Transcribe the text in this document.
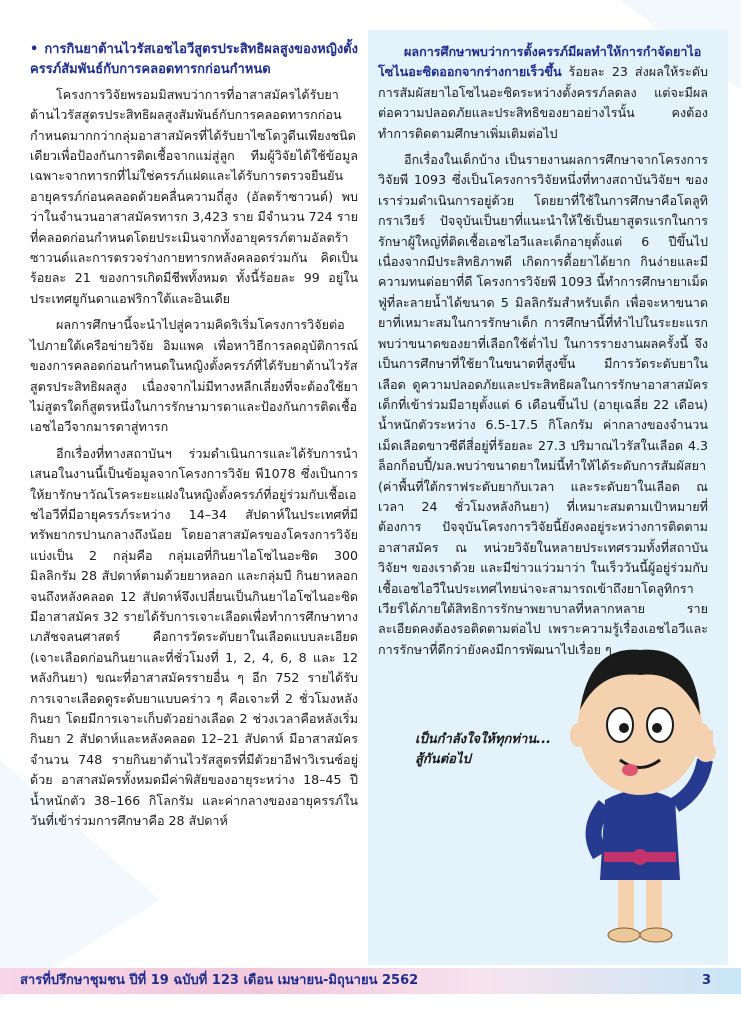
• การกินยาต้านไวรัสเอชไอวีสูตรประสิทธิผลสูงของหญิงตั้งครรภ์สัมพันธ์กับการคลอดทารกก่อนกำหนด

โครงการวิจัยพรอมมิสพบว่าการที่อาสาสมัครได้รับยาต้านไวรัสสูตรประสิทธิผลสูงสัมพันธ์กับการคลอดทารกก่อนกำหนดมากกว่ากลุ่มอาสาสมัครที่ได้รับยาไซโดวูดีนเพียงชนิดเดียวเพื่อป้องกันการติดเชื้อจากแม่สู่ลูก ทีมผู้วิจัยได้ใช้ข้อมูลเฉพาะจากทารกที่ไม่ใช่ครรภ์แฝดและได้รับการตรวจยืนยันอายุครรภ์ก่อนคลอดด้วยคลื่นความถี่สูง (อัลตร้าซาวนด์) พบว่าในจำนวนอาสาสมัครทารก 3,423 ราย มีจำนวน 724 รายที่คลอดก่อนกำหนดโดยประเมินจากทั้งอายุครรภ์ตามอัลตร้าซาวนด์และการตรวจร่างกายทารกหลังคลอดร่วมกัน คิดเป็นร้อยละ 21 ของการเกิดมีชีพทั้งหมด ทั้งนี้ร้อยละ 99 อยู่ในประเทศยูกันดาแอฟริกาใต้และอินเดีย

ผลการศึกษานี้จะนำไปสู่ความคิดริเริ่มโครงการวิจัยต่อไปภายใต้เครือข่ายวิจัย อิมแพค เพื่อหาวิธีการลดอุบัติการณ์ของการคลอดก่อนกำหนดในหญิงตั้งครรภ์ที่ได้รับยาต้านไวรัสสูตรประสิทธิผลสูง เนื่องจากไม่มีทางหลีกเลี่ยงที่จะต้องใช้ยาไม่สูตรใดก็สูตรหนึ่งในการรักษามารดาและป้องกันการติดเชื้อเอชไอวีจากมารดาสู่ทารก

อีกเรื่องที่ทางสถาบันฯ ร่วมดำเนินการและได้รับการนำเสนอในงานนี้เป็นข้อมูลจากโครงการวิจัย พี1078 ซึ่งเป็นการให้ยารักษาวัณโรคระยะแฝงในหญิงตั้งครรภ์ที่อยู่ร่วมกับเชื้อเอชไอวีที่มีอายุครรภ์ระหว่าง 14–34 สัปดาห์ในประเทศที่มีทรัพยากรปานกลางถึงน้อย โดยอาสาสมัครของโครงการวิจัยแบ่งเป็น 2 กลุ่มคือ กลุ่มเอที่กินยาไอโซไนอะซิด 300 มิลลิกรัม 28 สัปดาห์ตามด้วยยาหลอก และกลุ่มบี กินยาหลอกจนถึงหลังคลอด 12 สัปดาห์จึงเปลี่ยนเป็นกินยาไอโซไนอะซิด มีอาสาสมัคร 32 รายได้รับการเจาะเลือดเพื่อทำการศึกษาทางเภสัชจลนศาสตร์ คือการวัดระดับยาในเลือดแบบละเอียด (เจาะเลือดก่อนกินยาและที่ชั่วโมงที่ 1, 2, 4, 6, 8 และ 12 หลังกินยา) ขณะที่อาสาสมัครรายอื่น ๆ อีก 752 รายได้รับการเจาะเลือดดูระดับยาแบบคร่าว ๆ คือเจาะที่ 2 ชั่วโมงหลังกินยา โดยมีการเจาะเก็บตัวอย่างเลือด 2 ช่วงเวลาคือหลังเริ่มกินยา 2 สัปดาห์และหลังคลอด 12–21 สัปดาห์ มีอาสาสมัครจำนวน 748 รายกินยาต้านไวรัสสูตรที่มีตัวยาอีฟาวิเรนซ์อยู่ด้วย อาสาสมัครทั้งหมดมีค่าพิสัยของอายุระหว่าง 18–45 ปี น้ำหนักตัว 38–166 กิโลกรัม และค่ากลางของอายุครรภ์ในวันที่เข้าร่วมการศึกษาคือ 28 สัปดาห์

ผลการศึกษาพบว่าการตั้งครรภ์มีผลทำให้การกำจัดยาไอโซไนอะซิดออกจากร่างกายเร็วขึ้น ร้อยละ 23 ส่งผลให้ระดับการสัมผัสยาไอโซไนอะซิดระหว่างตั้งครรภ์ลดลง แต่จะมีผลต่อความปลอดภัยและประสิทธิของยาอย่างไรนั้น คงต้องทำการติดตามศึกษาเพิ่มเติมต่อไป

อีกเรื่องในเด็กบ้าง เป็นรายงานผลการศึกษาจากโครงการวิจัยพี 1093 ซึ่งเป็นโครงการวิจัยหนึ่งที่ทางสถาบันวิจัยฯ ของเราร่วมดำเนินการอยู่ด้วย โดยยาที่ใช้ในการศึกษาคือโดลูทิกราเวียร์ ปัจจุบันเป็นยาที่แนะนำให้ใช้เป็นยาสูตรแรกในการรักษาผู้ใหญ่ที่ติดเชื้อเอชไอวีและเด็กอายุตั้งแต่ 6 ปีขึ้นไป เนื่องจากมีประสิทธิภาพดี เกิดการดื้อยาได้ยาก กินง่ายและมีความทนต่อยาที่ดี โครงการวิจัยพี 1093 นี้ทำการศึกษายาเม็ดฟู่ที่ละลายน้ำได้ขนาด 5 มิลลิกรัมสำหรับเด็ก เพื่อจะหาขนาดยาที่เหมาะสมในการรักษาเด็ก การศึกษานี้ที่ทำไปในระยะแรก พบว่าขนาดของยาที่เลือกใช้ต่ำไป ในการรายงานผลครั้งนี้ จึงเป็นการศึกษาที่ใช้ยาในขนาดที่สูงขึ้น มีการวัดระดับยาในเลือด ดูความปลอดภัยและประสิทธิผลในการรักษาอาสาสมัครเด็กที่เข้าร่วมมีอายุตั้งแต่ 6 เดือนขึ้นไป (อายุเฉลี่ย 22 เดือน) น้ำหนักตัวระหว่าง 6.5-17.5 กิโลกรัม ค่ากลางของจำนวนเม็ดเลือดขาวซีดีสี่อยู่ที่ร้อยละ 27.3 ปริมาณไวรัสในเลือด 4.3 ล็อกก็อบปี้/มล.พบว่าขนาดยาใหม่นี้ทำให้ได้ระดับการสัมผัสยา (ค่าพื้นที่ใต้กราฟระดับยากับเวลา และระดับยาในเลือด ณ เวลา 24 ชั่วโมงหลังกินยา) ที่เหมาะสมตามเป้าหมายที่ต้องการ ปัจจุบันโครงการวิจัยนี้ยังคงอยู่ระหว่างการติดตามอาสาสมัคร ณ หน่วยวิจัยในหลายประเทศรวมทั้งที่สถาบันวิจัยฯ ของเราด้วย และมีข่าวแว่วมาว่า ในเร็ววันนี้ผู้อยู่ร่วมกับเชื้อเอชไอวีในประเทศไทยน่าจะสามารถเข้าถึงยาโดลูทิกราเวียร์ได้ภายใต้สิทธิการรักษาพยาบาลที่หลากหลาย รายละเอียดคงต้องรอติดตามต่อไป เพราะความรู้เรื่องเอชไอวีและการรักษาที่ดีกว่ายังคงมีการพัฒนาไปเรื่อย ๆ

เป็นกำลังใจให้ทุกท่าน...
สู้กันต่อไป
สารที่ปรึกษาชุมชน ปีที่ 19 ฉบับที่ 123 เดือน เมษายน-มิถุนายน 2562	3
